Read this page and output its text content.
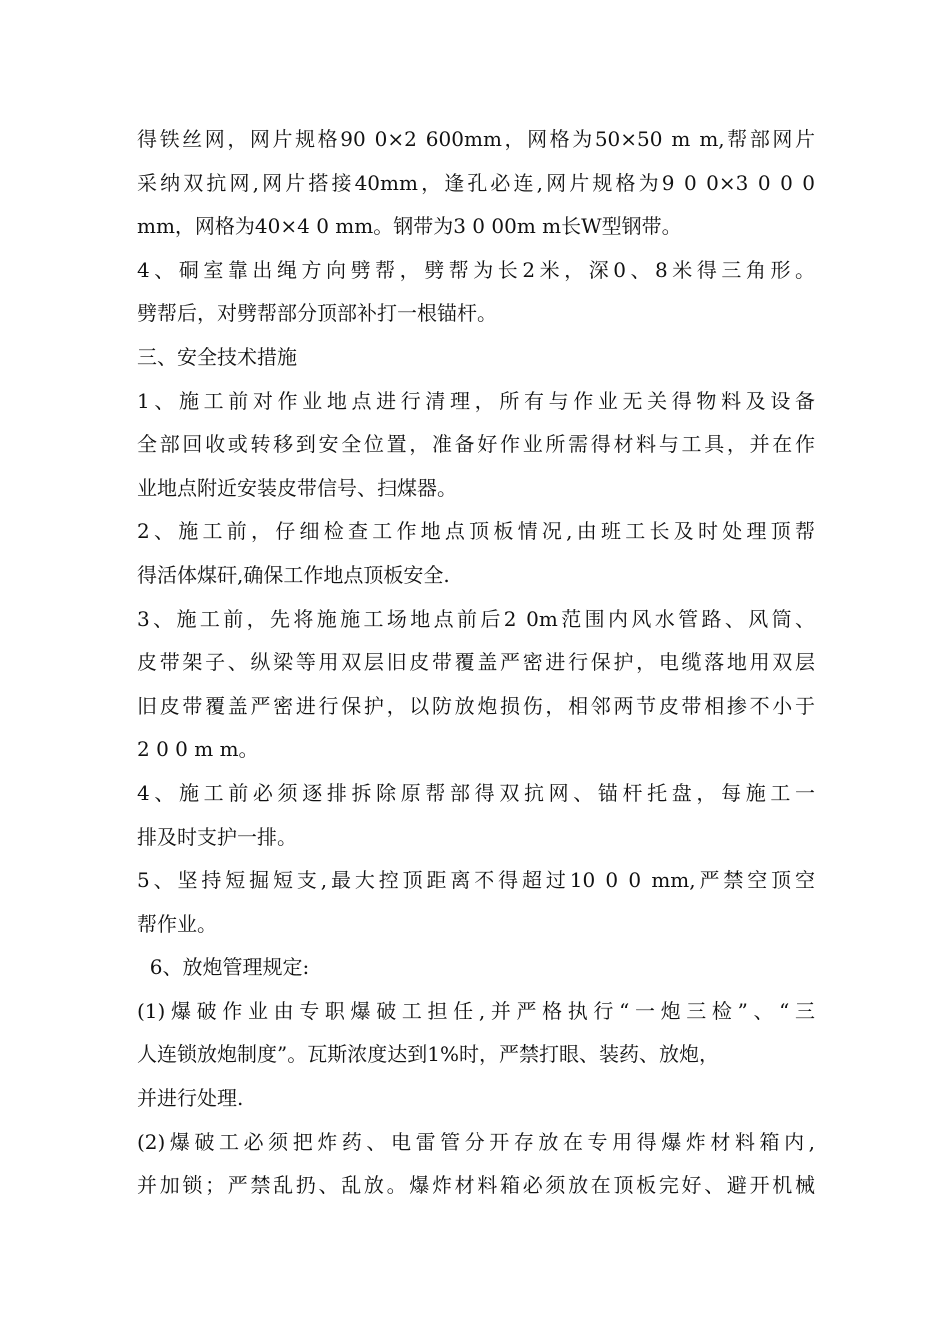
得铁丝网，网片规格90 0×2 600mm，网格为50×50 m m,帮部网片
采纳双抗网,网片搭接40mm，逢孔必连,网片规格为9 0 0×3 0 0 0
mm，网格为40×4 0 mm。钢带为3 0 00m m长W型钢带。
4、硐室靠出绳方向劈帮，劈帮为长2米，深0、8米得三角形。
劈帮后，对劈帮部分顶部补打一根锚杆。
三、安全技术措施
1、施工前对作业地点进行清理，所有与作业无关得物料及设备
全部回收或转移到安全位置，准备好作业所需得材料与工具，并在作
业地点附近安装皮带信号、扫煤器。
2、施工前，仔细检查工作地点顶板情况,由班工长及时处理顶帮
得活体煤矸,确保工作地点顶板安全.
3、施工前，先将施施工场地点前后2 0m范围内风水管路、风筒、
皮带架子、纵梁等用双层旧皮带覆盖严密进行保护，电缆落地用双层
旧皮带覆盖严密进行保护，以防放炮损伤，相邻两节皮带相掺不小于
2 0 0 m m。
4、施工前必须逐排拆除原帮部得双抗网、锚杆托盘，每施工一
排及时支护一排。
5、坚持短掘短支,最大控顶距离不得超过10 0 0 mm,严禁空顶空
帮作业。
6、放炮管理规定:
(1)爆破作业由专职爆破工担任,并严格执行“一炮三检”、“三
人连锁放炮制度”。瓦斯浓度达到1%时，严禁打眼、装药、放炮，
并进行处理.
(2)爆破工必须把炸药、电雷管分开存放在专用得爆炸材料箱内,
并加锁；严禁乱扔、乱放。爆炸材料箱必须放在顶板完好、避开机械
